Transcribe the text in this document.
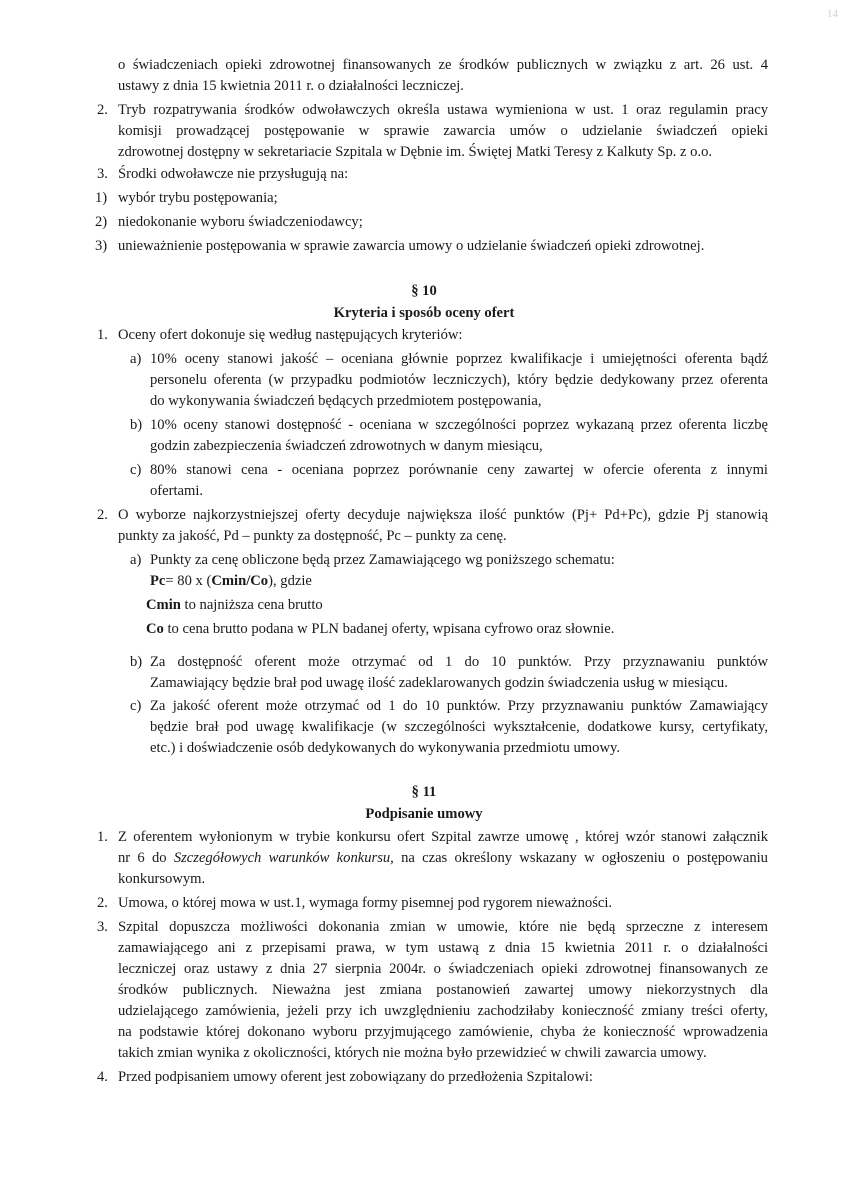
14
o świadczeniach opieki zdrowotnej finansowanych ze środków publicznych w związku z art. 26 ust. 4
ustawy z dnia 15 kwietnia 2011 r. o działalności leczniczej.
2. Tryb rozpatrywania środków odwoławczych określa ustawa wymieniona w ust. 1 oraz regulamin pracy
komisji prowadzącej postępowanie w sprawie zawarcia umów o udzielanie świadczeń opieki
zdrowotnej dostępny w sekretariacie Szpitala w Dębnie im. Świętej Matki Teresy z Kalkuty Sp. z o.o.
3. Środki odwoławcze nie przysługują na:
1) wybór trybu postępowania;
2) niedokonanie wyboru świadczeniodawcy;
3) unieważnienie postępowania w sprawie zawarcia umowy o udzielanie świadczeń opieki zdrowotnej.
§ 10
Kryteria i sposób oceny ofert
1. Oceny ofert dokonuje się według następujących kryteriów:
a) 10% oceny stanowi jakość – oceniana głównie poprzez kwalifikacje i umiejętności oferenta bądź
personelu oferenta (w przypadku podmiotów leczniczych), który będzie dedykowany przez oferenta
do wykonywania świadczeń będących przedmiotem postępowania,
b) 10% oceny stanowi dostępność - oceniana w szczególności poprzez wykazaną przez oferenta liczbę
godzin zabezpieczenia świadczeń zdrowotnych w danym miesiącu,
c) 80% stanowi cena - oceniana poprzez porównanie ceny zawartej w ofercie oferenta z innymi
ofertami.
2. O wyborze najkorzystniejszej oferty decyduje największa ilość punktów (Pj+ Pd+Pc), gdzie Pj stanowią
punkty za jakość, Pd – punkty za dostępność, Pc – punkty za cenę.
a) Punkty za cenę obliczone będą przez Zamawiającego wg poniższego schematu:
Pc= 80 x (Cmin/Co), gdzie
Cmin to najniższa cena brutto
Co to cena brutto podana w PLN badanej oferty, wpisana cyfrowo oraz słownie.
b) Za dostępność oferent może otrzymać od 1 do 10 punktów. Przy przyznawaniu punktów
Zamawiający będzie brał pod uwagę ilość zadeklarowanych godzin świadczenia usług w miesiącu.
c) Za jakość oferent może otrzymać od 1 do 10 punktów. Przy przyznawaniu punktów Zamawiający
będzie brał pod uwagę kwalifikacje (w szczególności wykształcenie, dodatkowe kursy, certyfikaty,
etc.) i doświadczenie osób dedykowanych do wykonywania przedmiotu umowy.
§ 11
Podpisanie umowy
1. Z oferentem wyłonionym w trybie konkursu ofert Szpital zawrze umowę , której wzór stanowi załącznik
nr 6 do Szczegółowych warunków konkursu, na czas określony wskazany w ogłoszeniu o postępowaniu
konkursowym.
2. Umowa, o której mowa w ust.1, wymaga formy pisemnej pod rygorem nieważności.
3. Szpital dopuszcza możliwości dokonania zmian w umowie, które nie będą sprzeczne z interesem
zamawiającego ani z przepisami prawa, w tym ustawą z dnia 15 kwietnia 2011 r. o działalności
leczniczej oraz ustawy z dnia 27 sierpnia 2004r. o świadczeniach opieki zdrowotnej finansowanych ze
środków publicznych. Nieważna jest zmiana postanowień zawartej umowy niekorzystnych dla
udzielającego zamówienia, jeżeli przy ich uwzględnieniu zachodziłaby konieczność zmiany treści oferty,
na podstawie której dokonano wyboru przyjmującego zamówienie, chyba że konieczność wprowadzenia
takich zmian wynika z okoliczności, których nie można było przewidzieć w chwili zawarcia umowy.
4. Przed podpisaniem umowy oferent jest zobowiązany do przedłożenia Szpitalowi:
